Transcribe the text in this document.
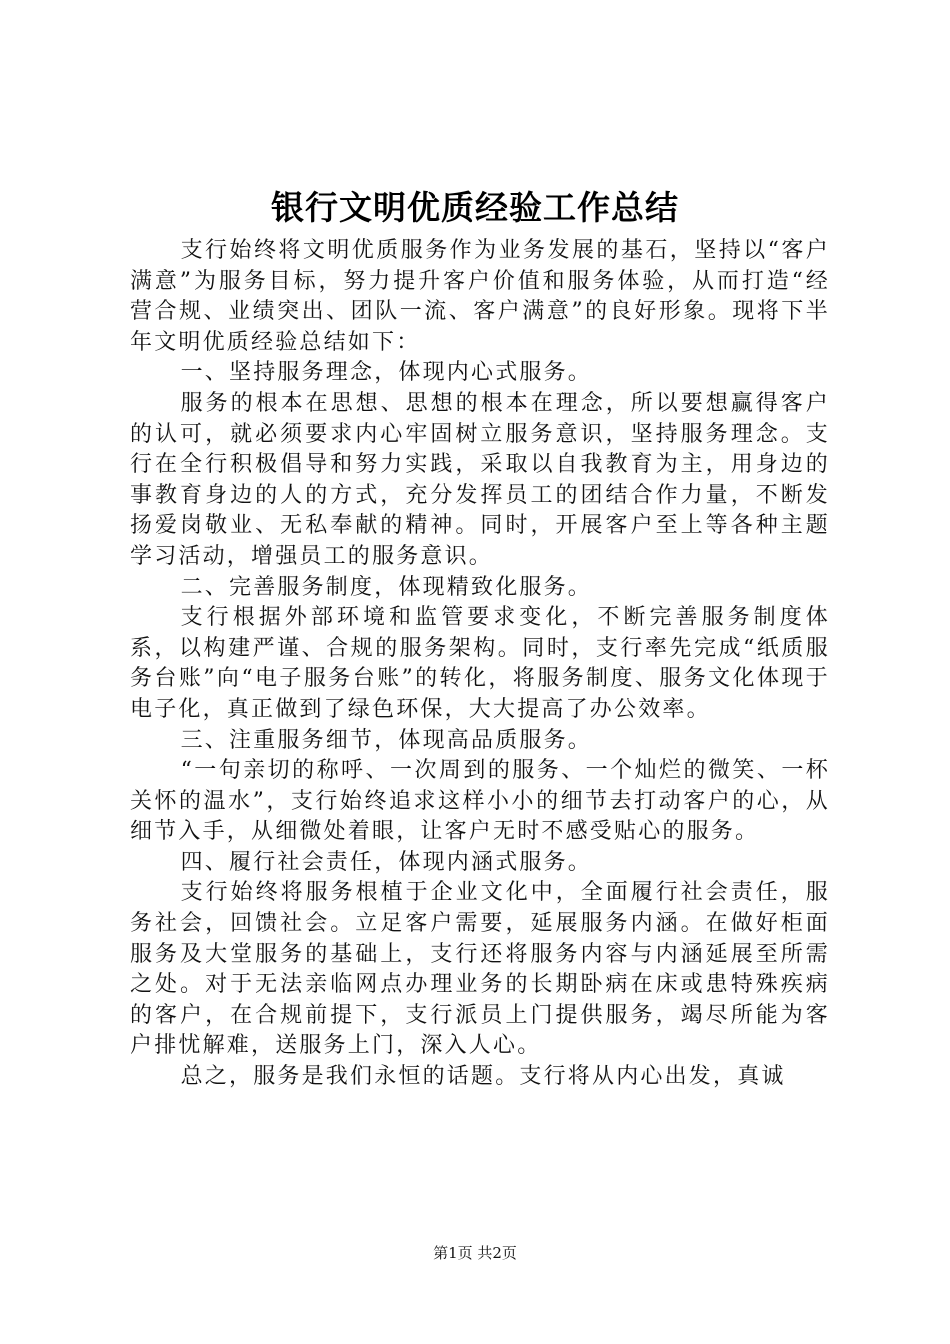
银行文明优质经验工作总结

支行始终将文明优质服务作为业务发展的基石，坚持以“客户满意”为服务目标，努力提升客户价值和服务体验，从而打造“经营合规、业绩突出、团队一流、客户满意”的良好形象。现将下半年文明优质经验总结如下：

一、坚持服务理念，体现内心式服务。

服务的根本在思想、思想的根本在理念，所以要想赢得客户的认可，就必须要求内心牢固树立服务意识，坚持服务理念。支行在全行积极倡导和努力实践，采取以自我教育为主，用身边的事教育身边的人的方式，充分发挥员工的团结合作力量，不断发扬爱岗敬业、无私奉献的精神。同时，开展客户至上等各种主题学习活动，增强员工的服务意识。

二、完善服务制度，体现精致化服务。

支行根据外部环境和监管要求变化，不断完善服务制度体系，以构建严谨、合规的服务架构。同时，支行率先完成“纸质服务台账”向“电子服务台账”的转化，将服务制度、服务文化体现于电子化，真正做到了绿色环保，大大提高了办公效率。

三、注重服务细节，体现高品质服务。

“一句亲切的称呼、一次周到的服务、一个灿烂的微笑、一杯关怀的温水”，支行始终追求这样小小的细节去打动客户的心，从细节入手，从细微处着眼，让客户无时不感受贴心的服务。

四、履行社会责任，体现内涵式服务。

支行始终将服务根植于企业文化中，全面履行社会责任，服务社会，回馈社会。立足客户需要，延展服务内涵。在做好柜面服务及大堂服务的基础上，支行还将服务内容与内涵延展至所需之处。对于无法亲临网点办理业务的长期卧病在床或患特殊疾病的客户，在合规前提下，支行派员上门提供服务，竭尽所能为客户排忧解难，送服务上门，深入人心。

总之，服务是我们永恒的话题。支行将从内心出发，真诚

第1页 共2页
